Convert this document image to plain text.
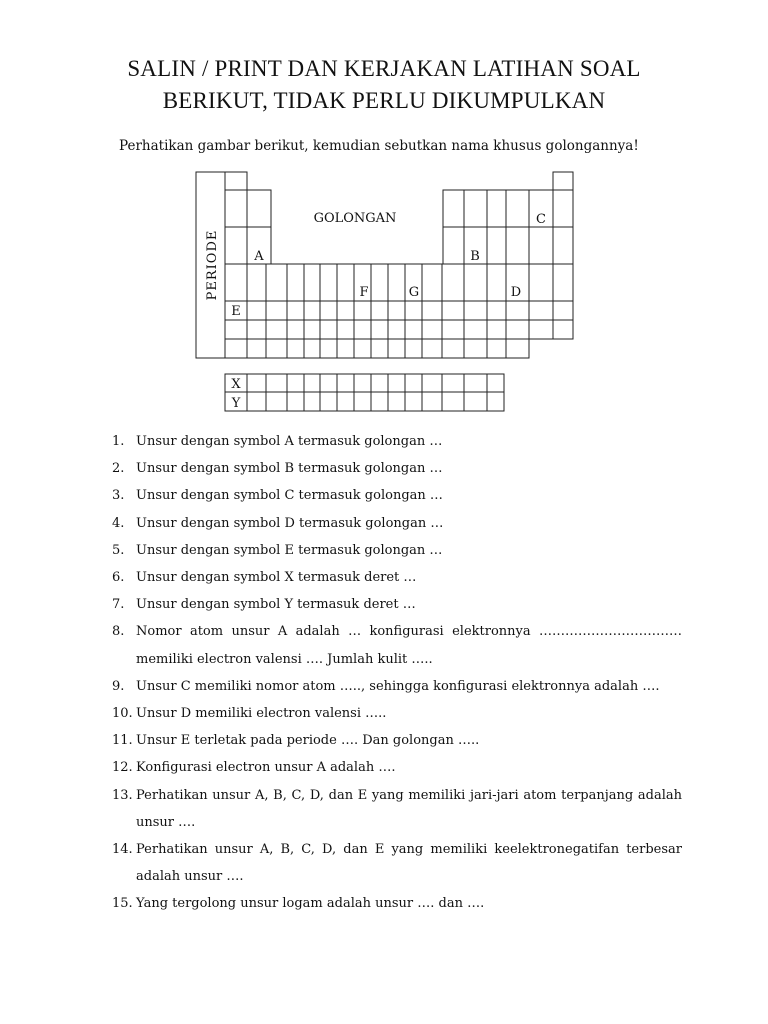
SALIN / PRINT DAN KERJAKAN LATIHAN SOAL
BERIKUT, TIDAK PERLU DIKUMPULKAN
Perhatikan gambar berikut, kemudian sebutkan nama khusus golongannya!
PERIODE
GOLONGAN
A	B
C
D
E
F	G
X
Y
1. Unsur dengan symbol A termasuk golongan …
2. Unsur dengan symbol B termasuk golongan …
3. Unsur dengan symbol C termasuk golongan …
4. Unsur dengan symbol D termasuk golongan …
5. Unsur dengan symbol E termasuk golongan …
6. Unsur dengan symbol X termasuk deret …
7. Unsur dengan symbol Y termasuk deret …
8. Nomor atom unsur A adalah … konfigurasi elektronnya …………………………… memiliki electron valensi …. Jumlah kulit …..
9. Unsur C memiliki nomor atom ….., sehingga konfigurasi elektronnya adalah ….
10. Unsur D memiliki electron valensi …..
11. Unsur E terletak pada periode …. Dan golongan …..
12. Konfigurasi electron unsur A adalah ….
13. Perhatikan unsur A, B, C, D, dan E yang memiliki jari-jari atom terpanjang adalah unsur ….
14. Perhatikan unsur A, B, C, D, dan E yang memiliki keelektronegatifan terbesar adalah unsur ….
15. Yang tergolong unsur logam adalah unsur …. dan ….
